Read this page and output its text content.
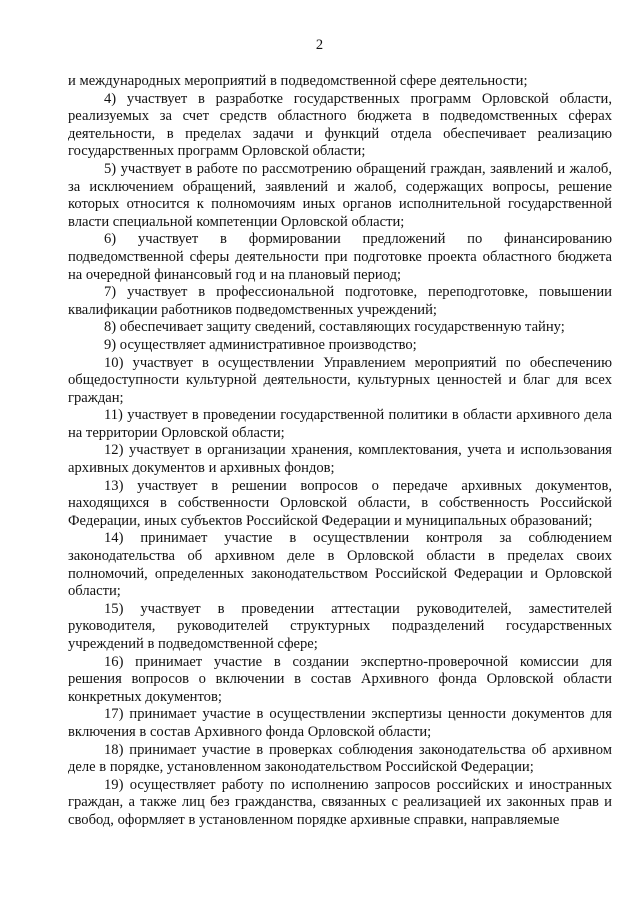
2

и международных мероприятий в подведомственной сфере деятельности;

4) участвует в разработке государственных программ Орловской области, реализуемых за счет средств областного бюджета в подведомственных сферах деятельности, в пределах задачи и функций отдела обеспечивает реализацию государственных программ Орловской области;

5) участвует в работе по рассмотрению обращений граждан, заявлений и жалоб, за исключением обращений, заявлений и жалоб, содержащих вопросы, решение которых относится к полномочиям иных органов исполнительной государственной власти специальной компетенции Орловской области;

6) участвует в формировании предложений по финансированию подведомственной сферы деятельности при подготовке проекта областного бюджета на очередной финансовый год и на плановый период;

7) участвует в профессиональной подготовке, переподготовке, повышении квалификации работников подведомственных учреждений;

8) обеспечивает защиту сведений, составляющих государственную тайну;

9) осуществляет административное производство;

10) участвует в осуществлении Управлением мероприятий по обеспечению общедоступности культурной деятельности, культурных ценностей и благ для всех граждан;

11) участвует в проведении государственной политики в области архивного дела на территории Орловской области;

12) участвует в организации хранения, комплектования, учета и использования архивных документов и архивных фондов;

13) участвует в решении вопросов о передаче архивных документов, находящихся в собственности Орловской области, в собственность Российской Федерации, иных субъектов Российской Федерации и муниципальных образований;

14) принимает участие в осуществлении контроля за соблюдением законодательства об архивном деле в Орловской области в пределах своих полномочий, определенных законодательством Российской Федерации и Орловской области;

15) участвует в проведении аттестации руководителей, заместителей руководителя, руководителей структурных подразделений государственных учреждений в подведомственной сфере;

16) принимает участие в создании экспертно-проверочной комиссии для решения вопросов о включении в состав Архивного фонда Орловской области конкретных документов;

17) принимает участие в осуществлении экспертизы ценности документов для включения в состав Архивного фонда Орловской области;

18) принимает участие в проверках соблюдения законодательства об архивном деле в порядке, установленном законодательством Российской Федерации;

19) осуществляет работу по исполнению запросов российских и иностранных граждан, а также лиц без гражданства, связанных с реализацией их законных прав и свобод, оформляет в установленном порядке архивные справки, направляемые
